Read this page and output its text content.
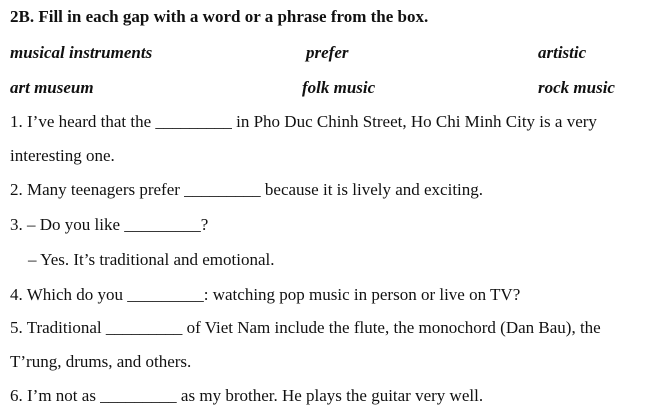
2B. Fill in each gap with a word or a phrase from the box.
musical instruments	prefer	artistic
art museum	folk music	rock music
1. I’ve heard that the _________ in Pho Duc Chinh Street, Ho Chi Minh City is a very
interesting one.
2. Many teenagers prefer _________ because it is lively and exciting.
3. – Do you like _________?
– Yes. It’s traditional and emotional.
4. Which do you _________: watching pop music in person or live on TV?
5. Traditional _________ of Viet Nam include the flute, the monochord (Dan Bau), the
T’rung, drums, and others.
6. I’m not as _________ as my brother. He plays the guitar very well.
